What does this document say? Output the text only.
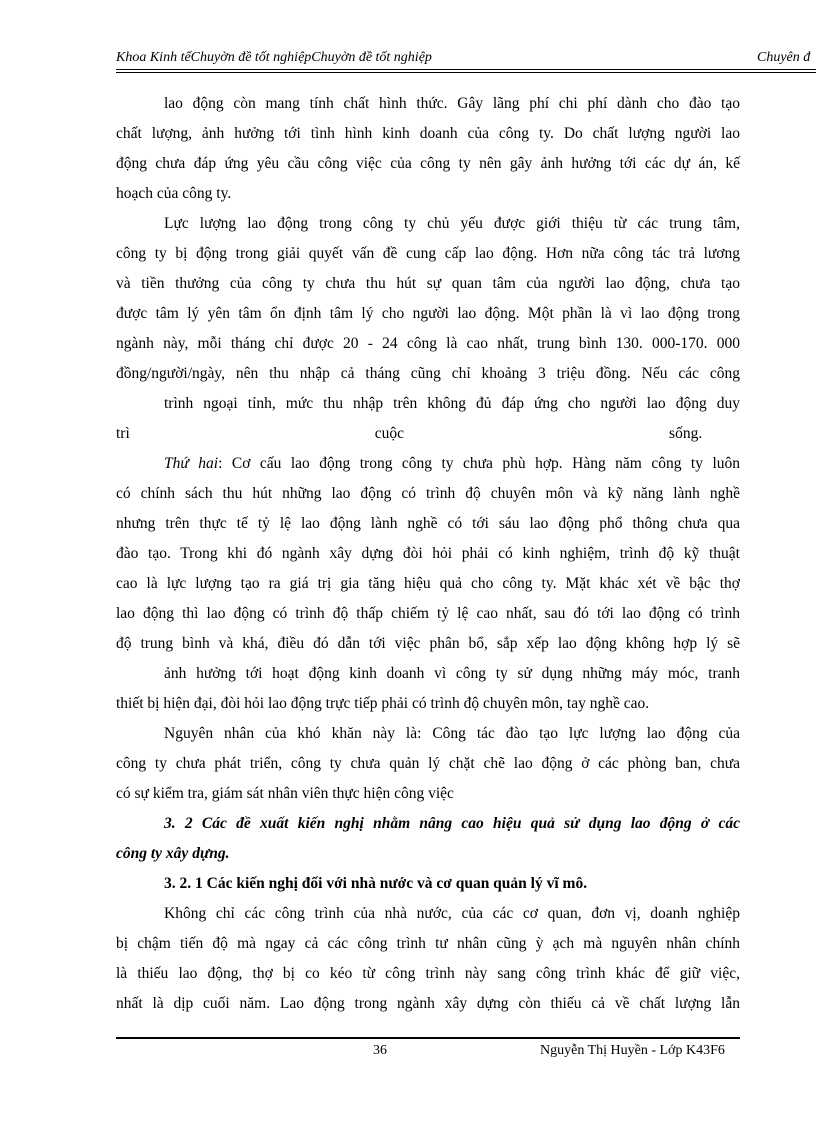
Khoa Kinh tếChuyờn đề tốt nghiệpChuyờn đề tốt nghiệp	Chuyên đ
lao động còn mang tính chất hình thức. Gây lãng phí chi phí dành cho đào tạo
chất lượng, ảnh hưởng tới tình hình kinh doanh của công ty. Do chất lượng người lao
động chưa đáp ứng yêu cầu công việc của công ty nên gây ảnh hưởng tới các dự án, kế
hoạch của công ty.
Lực lượng lao động trong công ty chủ yếu được giới thiệu từ các trung tâm,
công ty bị động trong giải quyết vấn đề cung cấp lao động. Hơn nữa công tác trả lương
và tiền thưởng của công ty chưa thu hút sự quan tâm của người lao động, chưa tạo
được tâm lý yên tâm ổn định tâm lý cho người lao động. Một phần là vì lao động trong
ngành này, mỗi tháng chỉ được 20 - 24 công là cao nhất, trung bình 130. 000-170. 000
đồng/người/ngày, nên thu nhập cả tháng cũng chỉ khoảng 3 triệu đồng. Nếu các công
trình ngoại tỉnh, mức thu nhập trên không đủ đáp ứng cho người lao động duy
trì	cuộc	sống.
Thứ hai: Cơ cấu lao động trong công ty chưa phù hợp. Hàng năm công ty luôn
có chính sách thu hút những lao động có trình độ chuyên môn và kỹ năng lành nghề
nhưng trên thực tế tỷ lệ lao động lành nghề có tới sáu lao động phổ thông chưa qua
đào tạo. Trong khi đó ngành xây dựng đòi hỏi phải có kinh nghiệm, trình độ kỹ thuật
cao là lực lượng tạo ra giá trị gia tăng hiệu quả cho công ty. Mặt khác xét về bậc thợ
lao động thì lao động có trình độ thấp chiếm tỷ lệ cao nhất, sau đó tới lao động có trình
độ trung bình và khá, điều đó dẫn tới việc phân bổ, sắp xếp lao động không hợp lý sẽ
ảnh hưởng tới hoạt động kinh doanh vì công ty sử dụng những máy móc, tranh
thiết bị hiện đại, đòi hỏi lao động trực tiếp phải có trình độ chuyên môn, tay nghề cao.
Nguyên nhân của khó khăn này là: Công tác đào tạo lực lượng lao động của
công ty chưa phát triển, công ty chưa quản lý chặt chẽ lao động ở các phòng ban, chưa
có sự kiểm tra, giám sát nhân viên thực hiện công việc
3. 2 Các đề xuất kiến nghị nhằm nâng cao hiệu quả sử dụng lao động ở các
công ty xây dựng.
3. 2. 1 Các kiến nghị đối với nhà nước và cơ quan quản lý vĩ mô.
Không chỉ các công trình của nhà nước, của các cơ quan, đơn vị, doanh nghiệp
bị chậm tiến độ mà ngay cả các công trình tư nhân cũng ỳ ạch mà nguyên nhân chính
là thiếu lao động, thợ bị co kéo từ công trình này sang công trình khác để giữ việc,
nhất là dịp cuối năm. Lao động trong ngành xây dựng còn thiếu cả về chất lượng lẫn
36	Nguyễn Thị Huyền - Lớp K43F6
